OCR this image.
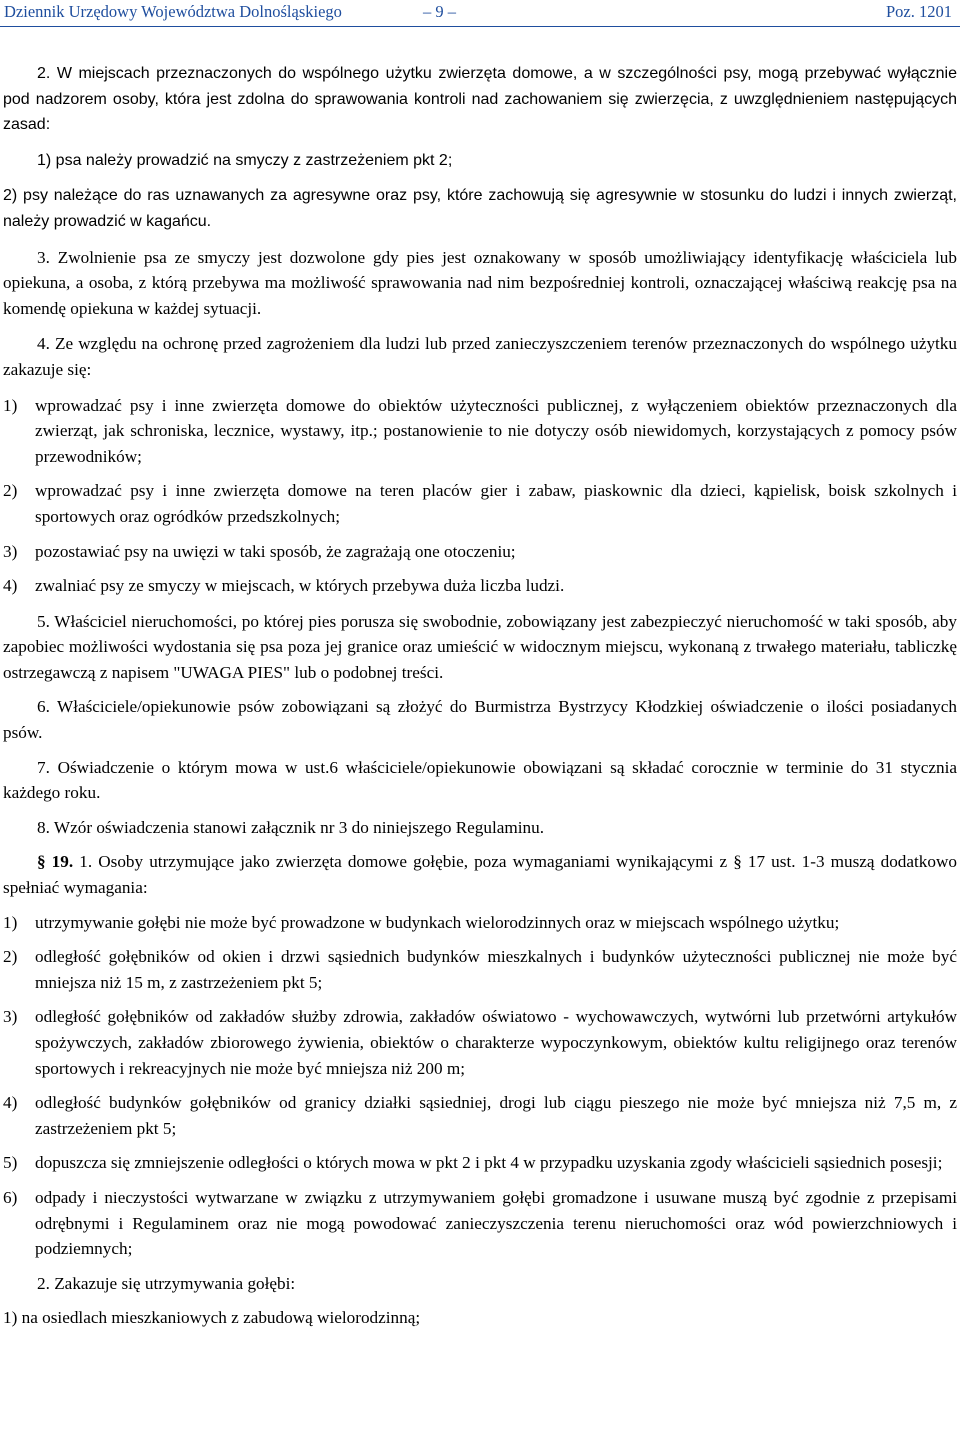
Dziennik Urzędowy Województwa Dolnośląskiego	– 9 –	Poz. 1201

2. W miejscach przeznaczonych do wspólnego użytku zwierzęta domowe, a w szczególności psy, mogą przebywać wyłącznie pod nadzorem osoby, która jest zdolna do sprawowania kontroli nad zachowaniem się zwierzęcia, z uwzględnieniem następujących zasad:

1) psa należy prowadzić na smyczy z zastrzeżeniem pkt 2;

2) psy należące do ras uznawanych za agresywne oraz psy, które zachowują się agresywnie w stosunku do ludzi i innych zwierząt, należy prowadzić w kagańcu.

3. Zwolnienie psa ze smyczy jest dozwolone gdy pies jest oznakowany w sposób umożliwiający identyfikację właściciela lub opiekuna, a osoba, z którą przebywa ma możliwość sprawowania nad nim bezpośredniej kontroli, oznaczającej właściwą reakcję psa na komendę opiekuna w każdej sytuacji.

4. Ze względu na ochronę przed zagrożeniem dla ludzi lub przed zanieczyszczeniem terenów przeznaczonych do wspólnego użytku zakazuje się:

1) wprowadzać psy i inne zwierzęta domowe do obiektów użyteczności publicznej, z wyłączeniem obiektów przeznaczonych dla zwierząt, jak schroniska, lecznice, wystawy, itp.; postanowienie to nie dotyczy osób niewidomych, korzystających z pomocy psów przewodników;

2) wprowadzać psy i inne zwierzęta domowe na teren placów gier i zabaw, piaskownic dla dzieci, kąpielisk, boisk szkolnych i sportowych oraz ogródków przedszkolnych;

3) pozostawiać psy na uwięzi w taki sposób, że zagrażają one otoczeniu;

4) zwalniać psy ze smyczy w miejscach, w których przebywa duża liczba ludzi.

5. Właściciel nieruchomości, po której pies porusza się swobodnie, zobowiązany jest zabezpieczyć nieruchomość w taki sposób, aby zapobiec możliwości wydostania się psa poza jej granice oraz umieścić w widocznym miejscu, wykonaną z trwałego materiału, tabliczkę ostrzegawczą z napisem "UWAGA PIES" lub o podobnej treści.

6. Właściciele/opiekunowie psów zobowiązani są złożyć do Burmistrza Bystrzycy Kłodzkiej oświadczenie o ilości posiadanych psów.

7. Oświadczenie o którym mowa w ust.6 właściciele/opiekunowie obowiązani są składać corocznie w terminie do 31 stycznia każdego roku.

8. Wzór oświadczenia stanowi załącznik nr 3 do niniejszego Regulaminu.

§ 19. 1. Osoby utrzymujące jako zwierzęta domowe gołębie, poza wymaganiami wynikającymi z § 17 ust. 1-3 muszą dodatkowo spełniać wymagania:

1) utrzymywanie gołębi nie może być prowadzone w budynkach wielorodzinnych oraz w miejscach wspólnego użytku;

2) odległość gołębników od okien i drzwi sąsiednich budynków mieszkalnych i budynków użyteczności publicznej nie może być mniejsza niż 15 m, z zastrzeżeniem pkt 5;

3) odległość gołębników od zakładów służby zdrowia, zakładów oświatowo - wychowawczych, wytwórni lub przetwórni artykułów spożywczych, zakładów zbiorowego żywienia, obiektów o charakterze wypoczynkowym, obiektów kultu religijnego oraz terenów sportowych i rekreacyjnych nie może być mniejsza niż 200 m;

4) odległość budynków gołębników od granicy działki sąsiedniej, drogi lub ciągu pieszego nie może być mniejsza niż 7,5 m, z zastrzeżeniem pkt 5;

5) dopuszcza się zmniejszenie odległości o których mowa w pkt 2 i pkt 4 w przypadku uzyskania zgody właścicieli sąsiednich posesji;

6) odpady i nieczystości wytwarzane w związku z utrzymywaniem gołębi gromadzone i usuwane muszą być zgodnie z przepisami odrębnymi i Regulaminem oraz nie mogą powodować zanieczyszczenia terenu nieruchomości oraz wód powierzchniowych i podziemnych;

2. Zakazuje się utrzymywania gołębi:

1) na osiedlach mieszkaniowych z zabudową wielorodzinną;
